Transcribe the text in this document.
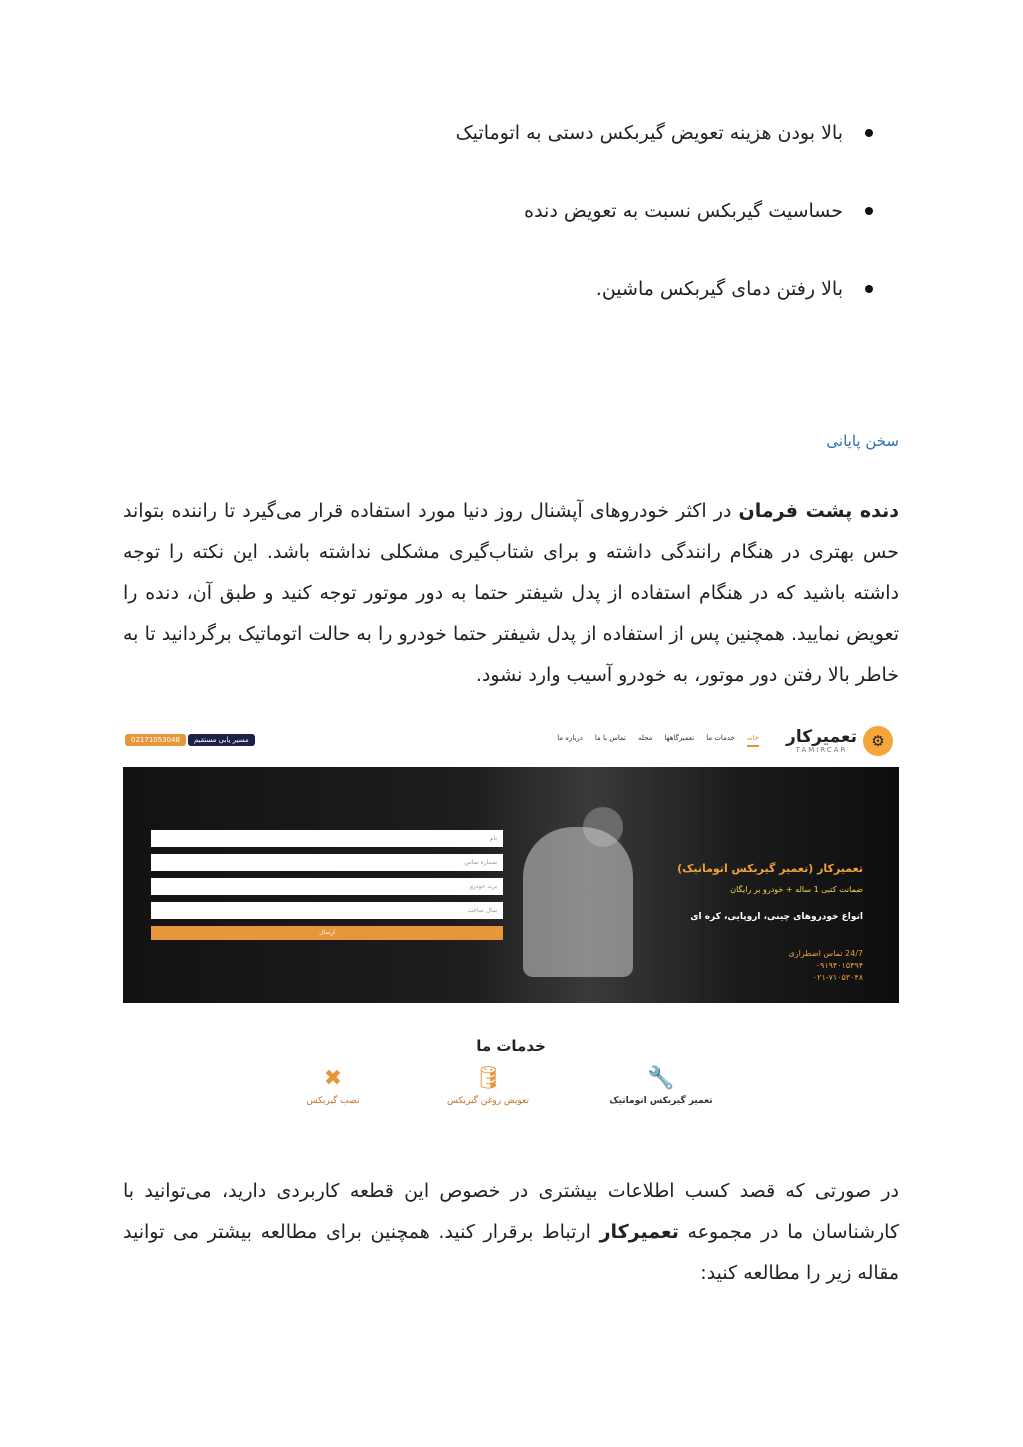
بالا بودن هزینه تعویض گیربکس دستی به اتوماتیک
حساسیت گیربکس نسبت به تعویض دنده
بالا رفتن دمای گیربکس ماشین.
سخن پایانی

دنده پشت فرمان در اکثر خودروهای آپشنال روز دنیا مورد استفاده قرار می‌گیرد تا راننده بتواند حس بهتری در هنگام رانندگی داشته و برای شتاب‌گیری مشکلی نداشته باشد. این نکته را توجه داشته باشید که در هنگام استفاده از پدل شیفتر حتما به دور موتور توجه کنید و طبق آن، دنده را تعویض نمایید. همچنین پس از استفاده از پدل شیفتر حتما خودرو را به حالت اتوماتیک برگردانید تا به خاطر بالا رفتن دور موتور، به خودرو آسیب وارد نشود.

⚙
تعمیرکار
TAMIRCAR
خانه
خدمات ما
تعمیرگاهها
مجله
تماس با ما
درباره ما
02171053048	مسیر یابی مستقیم
نام
شماره تماس
برند خودرو
سال ساخت
ارسال
تعمیرکار (تعمیر گیربکس اتوماتیک)
ضمانت کتبی 1 ساله + خودرو بر رایگان
انواع خودروهای چینی، اروپایی، کره ای
24/7 تماس اضطراری
۰۹۱۹۴۰۱۵۴۹۴
۰۲۱-۷۱۰۵۳۰۴۸
خدمات ما
🔧
تعمیر گیربکس اتوماتیک
🛢
تعویض روغن گیربکس
✖
نصب گیربکس

در صورتی که قصد کسب اطلاعات بیشتری در خصوص این قطعه کاربردی دارید، می‌توانید با کارشناسان ما در مجموعه تعمیرکار ارتباط برقرار کنید. همچنین برای مطالعه بیشتر می توانید مقاله زیر را مطالعه کنید:
